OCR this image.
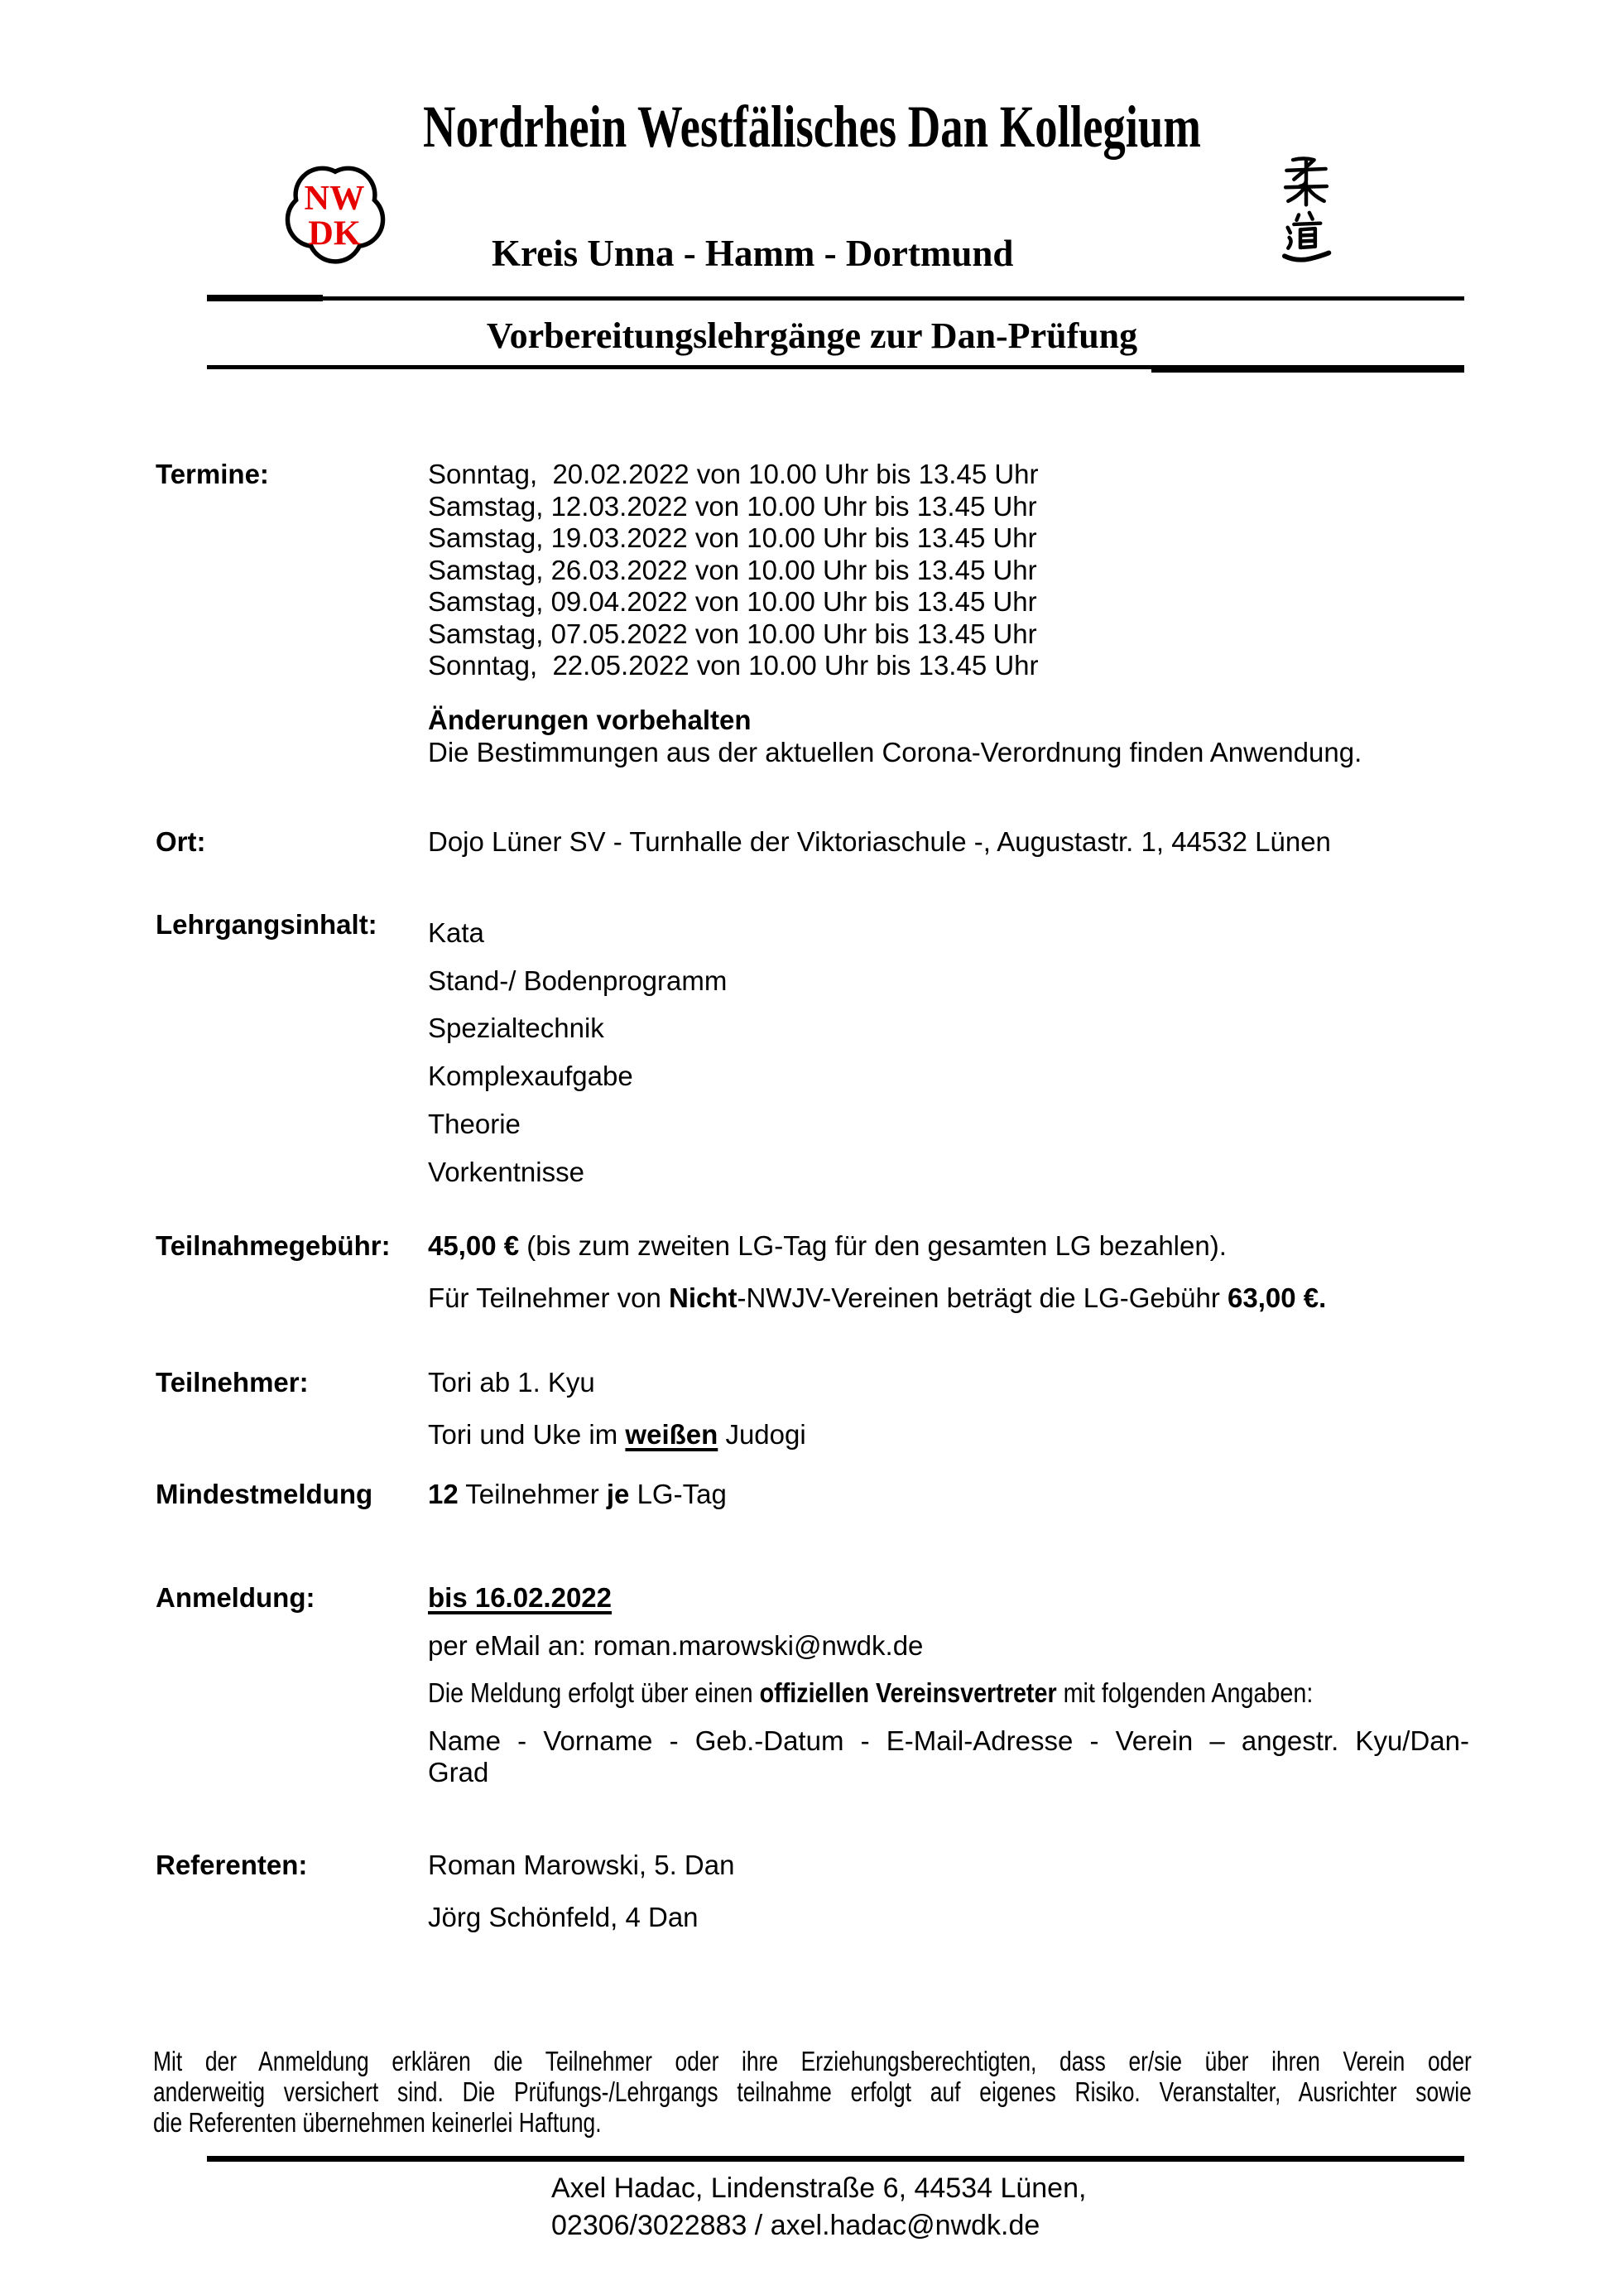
Nordrhein Westfälisches Dan Kollegium
NW
DK	Kreis Unna - Hamm - Dortmund
Vorbereitungslehrgänge zur Dan-Prüfung
Termine:	Sonntag,  20.02.2022 von 10.00 Uhr bis 13.45 Uhr
Samstag, 12.03.2022 von 10.00 Uhr bis 13.45 Uhr
Samstag, 19.03.2022 von 10.00 Uhr bis 13.45 Uhr
Samstag, 26.03.2022 von 10.00 Uhr bis 13.45 Uhr
Samstag, 09.04.2022 von 10.00 Uhr bis 13.45 Uhr
Samstag, 07.05.2022 von 10.00 Uhr bis 13.45 Uhr
Sonntag,  22.05.2022 von 10.00 Uhr bis 13.45 Uhr
Änderungen vorbehalten
Die Bestimmungen aus der aktuellen Corona-Verordnung finden Anwendung.
Ort:	Dojo Lüner SV - Turnhalle der Viktoriaschule -, Augustastr. 1, 44532 Lünen
Lehrgangsinhalt: Kata
Stand-/ Bodenprogramm
Spezialtechnik
Komplexaufgabe
Theorie
Vorkentnisse
Teilnahmegebühr: 45,00 € (bis zum zweiten LG-Tag für den gesamten LG bezahlen).
Für Teilnehmer von Nicht-NWJV-Vereinen beträgt die LG-Gebühr 63,00 €.
Teilnehmer:	Tori ab 1. Kyu
Tori und Uke im weißen Judogi
Mindestmeldung 12 Teilnehmer je LG-Tag
Anmeldung:	bis 16.02.2022
per eMail an: roman.marowski@nwdk.de
Die Meldung erfolgt über einen offiziellen Vereinsvertreter mit folgenden Angaben:
Name - Vorname - Geb.-Datum - E-Mail-Adresse - Verein – angestr. Kyu/Dan-
Grad
Referenten:	Roman Marowski, 5. Dan
Jörg Schönfeld, 4 Dan
Mit der Anmeldung erklären die Teilnehmer oder ihre Erziehungsberechtigten, dass er/sie über ihren Verein oder
anderweitig versichert sind. Die Prüfungs-/Lehrgangs teilnahme erfolgt auf eigenes Risiko. Veranstalter, Ausrichter sowie
die Referenten übernehmen keinerlei Haftung.
Axel Hadac, Lindenstraße 6, 44534 Lünen,
02306/3022883 / axel.hadac@nwdk.de
